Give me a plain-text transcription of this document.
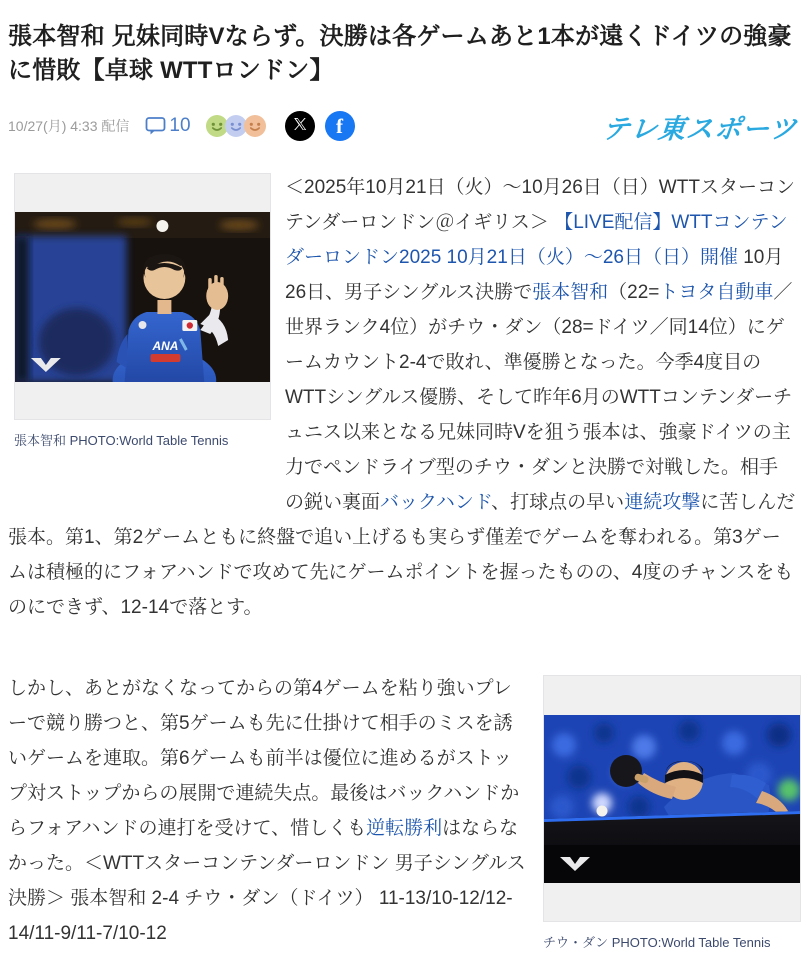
張本智和 兄妹同時Vならず。決勝は各ゲームあと1本が遠くドイツの強豪に惜敗【卓球 WTTロンドン】
10/27(月) 4:33 配信 10	f	テレ東スポーツ
ANA
張本智和 PHOTO:World Table Tennis

＜2025年10月21日（火）～10月26日（日）WTTスターコンテンダーロンドン＠イギリス＞ 【LIVE配信】WTTコンテンダーロンドン2025 10月21日（火）～26日（日）開催 10月26日、男子シングルス決勝で張本智和（22=トヨタ自動車／世界ランク4位）がチウ・ダン（28=ドイツ／同14位）にゲームカウント2-4で敗れ、準優勝となった。今季4度目のWTTシングルス優勝、そして昨年6月のWTTコンテンダーチュニス以来となる兄妹同時Vを狙う張本は、強豪ドイツの主力でペンドライブ型のチウ・ダンと決勝で対戦した。相手の鋭い裏面バックハンド、打球点の早い連続攻撃に苦しんだ張本。第1、第2ゲームともに終盤で追い上げるも実らず僅差でゲームを奪われる。第3ゲームは積極的にフォアハンドで攻めて先にゲームポイントを握ったものの、4度のチャンスをものにできず、12-14で落とす。

チウ・ダン PHOTO:World Table Tennis

しかし、あとがなくなってからの第4ゲームを粘り強いプレーで競り勝つと、第5ゲームも先に仕掛けて相手のミスを誘いゲームを連取。第6ゲームも前半は優位に進めるがストップ対ストップからの展開で連続失点。最後はバックハンドからフォアハンドの連打を受けて、惜しくも逆転勝利はならなかった。＜WTTスターコンテンダーロンドン 男子シングルス決勝＞ 張本智和 2-4 チウ・ダン（ドイツ） 11-13/10-12/12-14/11-9/11-7/10-12
